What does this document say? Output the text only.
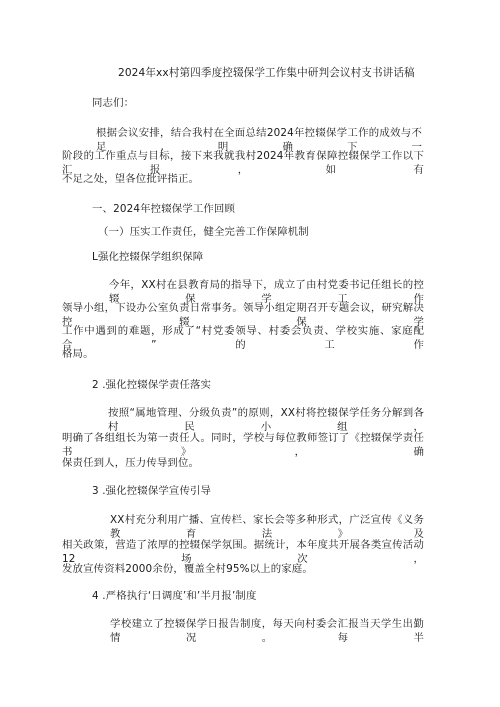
2024年xx村第四季度控辍保学工作集中研判会议村支书讲话稿
同志们：
根据会议安排，结合我村在全面总结2024年控辍保学工作的成效与不足,明确下一
阶段的工作重点与目标，接下来我就我村2024年教育保障控辍保学工作以下汇报，如有
不足之处，望各位批评指正。
一、2024年控辍保学工作回顾
（一）压实工作责任，健全完善工作保障机制
L强化控辍保学组织保障
今年，XX村在县教育局的指导下，成立了由村党委书记任组长的控辍保学工作
领导小组，下设办公室负责日常事务。领导小组定期召开专题会议，研究解决控辍保学
工作中遇到的难题，形成了“村党委领导、村委会负责、学校实施、家庭配合”的工作
格局。
2 .强化控辍保学责任落实
按照“属地管理、分级负责”的原则，XX村将控辍保学任务分解到各村民小组，
明确了各组组长为第一责任人。同时，学校与每位教师签订了《控辍保学责任书》，确
保责任到人，压力传导到位。
3 .强化控辍保学宣传引导
XX村充分利用广播、宣传栏、家长会等多种形式，广泛宣传《义务教育法》及
相关政策，营造了浓厚的控辍保学氛围。据统计，本年度共开展各类宣传活动12场次，
发放宣传资料2000余份，覆盖全村95%以上的家庭。
4 .严格执行‘日调度’和’半月报’制度
学校建立了控辍保学日报告制度，每天向村委会汇报当天学生出勤情况。每半
